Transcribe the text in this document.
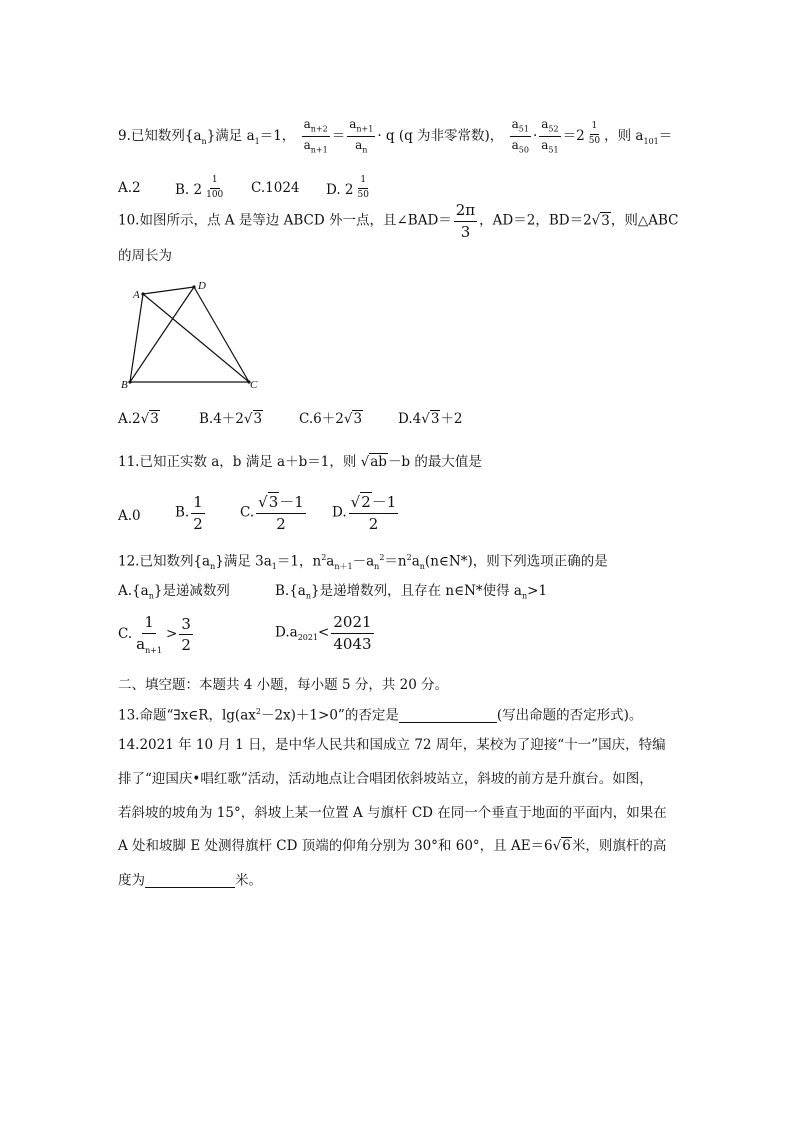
9.已知数列$\{a_n\}$满足 $a_1=1$， $\frac{a_{n+2}}{a_{n+1}} = \frac{a_{n+1}}{a_n} \cdot q$ (q 为非零常数)， $\frac{a_{51}}{a_{50}} \cdot \frac{a_{52}}{a_{51}} =2 \frac{1}{50}$ ，则 $a_{101}=$
A.2	B. $2 \frac{1}{100} C.1024$ D. $2 \frac{1}{50}$
10.如图所示，点 A 是等边 ABCD 外一点，且∠BAD＝ $\frac{2\pi}{3}$ ，AD＝2，BD＝2√3，则△ABC
的周长为
A
D
B	C
A.2√3	B.4＋2√3	C.6＋2√3	D.4√3＋2
11.已知正实数 a，b 满足 a＋b＝1，则 √ab－b 的最大值是
A.0	B. $\frac{1}{2}$	C. $\frac{√3-1}{2} D$. $\frac{√2-1}{2}$
12.已知数列$\{a_n\}$满足 $3a_1=1$，$n^2a_{n+1}-a_n^2=n^2a_n(n\in N*)$，则下列选项正确的是
$A.\{a_n\}$是递减数列	$B.\{a_n\}$是递增数列，且存在 n∈N*使得 $a_n>1$
C. $\frac{1}{a_{n+1}} > \frac{3}{2}$	$D.a_{2021}< \frac{2021}{4043}$
二、填空题：本题共 4 小题，每小题 5 分，共 20 分。
13.命题“∃x∈R，$\lg(ax^2-2x)+1>0$”的否定是	(写出命题的否定形式)。
14.2021 年 10 月 1 日，是中华人民共和国成立 72 周年，某校为了迎接“十一”国庆，特编
排了“迎国庆•唱红歌”活动，活动地点让合唱团依斜坡站立，斜坡的前方是升旗台。如图，
若斜坡的坡角为 15°，斜坡上某一位置 A 与旗杆 CD 在同一个垂直于地面的平面内，如果在
A 处和坡脚 E 处测得旗杆 CD 顶端的仰角分别为 30°和 60°，且 AE＝6√6米，则旗杆的高
度为	米。
